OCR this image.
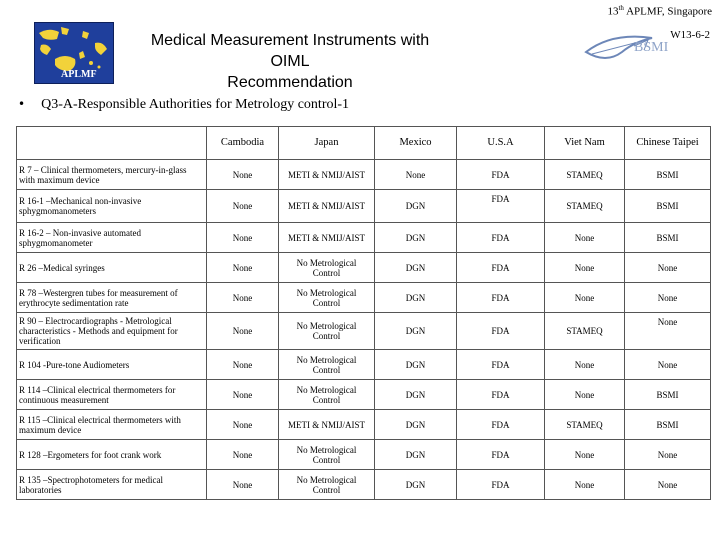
13th APLMF, Singapore
APLMF
Medical Measurement Instruments with OIML
Recommendation
BSMI
W13-6-2
• Q3-A-Responsible Authorities for Metrology control-1
	Cambodia	Japan	Mexico	U.S.A	Viet Nam	Chinese Taipei
R 7 – Clinical thermometers, mercury-in-glass with maximum device	None	METI & NMIJ/AIST	None	FDA	STAMEQ	BSMI
R 16-1 –Mechanical non-invasive sphygmomanometers	None	METI & NMIJ/AIST	DGN	FDA	STAMEQ	BSMI
R 16-2 – Non-invasive automated sphygmomanometer	None	METI & NMIJ/AIST	DGN	FDA	None	BSMI
R 26 –Medical syringes	None	No Metrological Control	DGN	FDA	None	None
R 78 –Westergren tubes for measurement of erythrocyte sedimentation rate	None	No Metrological Control	DGN	FDA	None	None
R 90 – Electrocardiographs - Metrological characteristics - Methods and equipment for verification	None	No Metrological Control	DGN	FDA	STAMEQ	None
R 104 -Pure-tone Audiometers	None	No Metrological Control	DGN	FDA	None	None
R 114 –Clinical electrical thermometers for continuous measurement	None	No Metrological Control	DGN	FDA	None	BSMI
R 115 –Clinical electrical thermometers with maximum device	None	METI & NMIJ/AIST	DGN	FDA	STAMEQ	BSMI
R 128 –Ergometers for foot crank work	None	No Metrological Control	DGN	FDA	None	None
R 135 –Spectrophotometers for medical laboratories	None	No Metrological Control	DGN	FDA	None	None
